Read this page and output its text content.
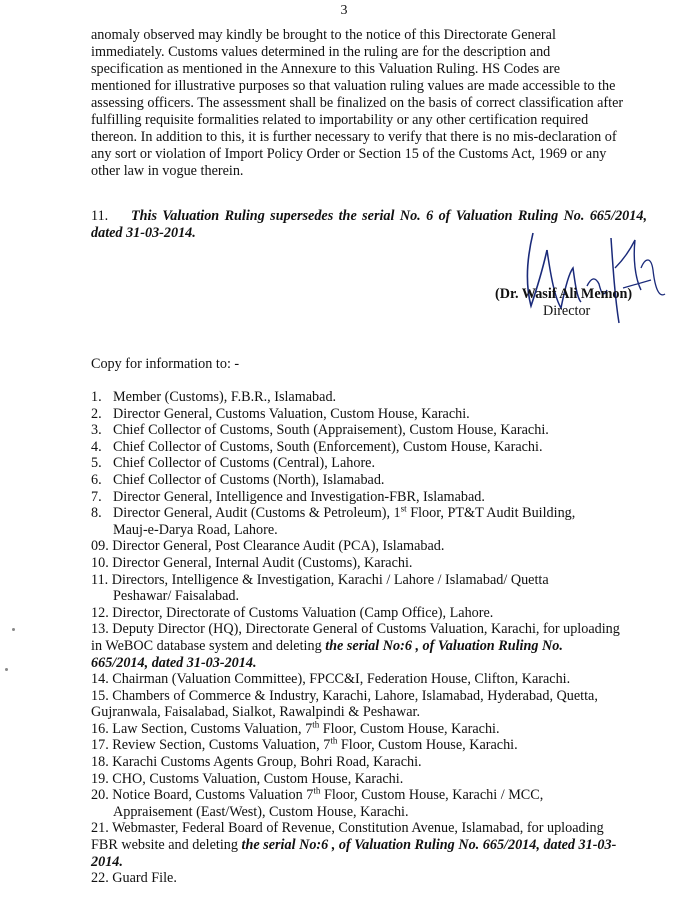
3
anomaly observed may kindly be brought to the notice of this Directorate General
immediately. Customs values determined in the ruling are for the description and
specification as mentioned in the Annexure to this Valuation Ruling. HS Codes are
mentioned for illustrative purposes so that valuation ruling values are made accessible to the
assessing officers. The assessment shall be finalized on the basis of correct classification after
fulfilling requisite formalities related to importability or any other certification required
thereon. In addition to this, it is further necessary to verify that there is no mis-declaration of
any sort or violation of Import Policy Order or Section 15 of the Customs Act, 1969 or any
other law in vogue therein.
11. This Valuation Ruling supersedes the serial No. 6 of Valuation Ruling No. 665/2014, dated 31-03-2014.
(Dr. Wasif Ali Memon)
Director
Copy for information to: -
1. Member (Customs), F.B.R., Islamabad.
2. Director General, Customs Valuation, Custom House, Karachi.
3. Chief Collector of Customs, South (Appraisement), Custom House, Karachi.
4. Chief Collector of Customs, South (Enforcement), Custom House, Karachi.
5. Chief Collector of Customs (Central), Lahore.
6. Chief Collector of Customs (North), Islamabad.
7. Director General, Intelligence and Investigation-FBR, Islamabad.
8. Director General, Audit (Customs & Petroleum), 1st Floor, PT&T Audit Building,
Mauj-e-Darya Road, Lahore.
09. Director General, Post Clearance Audit (PCA), Islamabad.
10. Director General, Internal Audit (Customs), Karachi.
11. Directors, Intelligence & Investigation, Karachi / Lahore / Islamabad/ Quetta
Peshawar/ Faisalabad.
12. Director, Directorate of Customs Valuation (Camp Office), Lahore.
13. Deputy Director (HQ), Directorate General of Customs Valuation, Karachi, for uploading
in WeBOC database system and deleting the serial No:6 , of Valuation Ruling No.
665/2014, dated 31-03-2014.
14. Chairman (Valuation Committee), FPCC&I, Federation House, Clifton, Karachi.
15. Chambers of Commerce & Industry, Karachi, Lahore, Islamabad, Hyderabad, Quetta,
Gujranwala, Faisalabad, Sialkot, Rawalpindi & Peshawar.
16. Law Section, Customs Valuation, 7th Floor, Custom House, Karachi.
17. Review Section, Customs Valuation, 7th Floor, Custom House, Karachi.
18. Karachi Customs Agents Group, Bohri Road, Karachi.
19. CHO, Customs Valuation, Custom House, Karachi.
20. Notice Board, Customs Valuation 7th Floor, Custom House, Karachi / MCC,
Appraisement (East/West), Custom House, Karachi.
21. Webmaster, Federal Board of Revenue, Constitution Avenue, Islamabad, for uploading
FBR website and deleting the serial No:6 , of Valuation Ruling No. 665/2014, dated 31-03-
2014.
22. Guard File.
